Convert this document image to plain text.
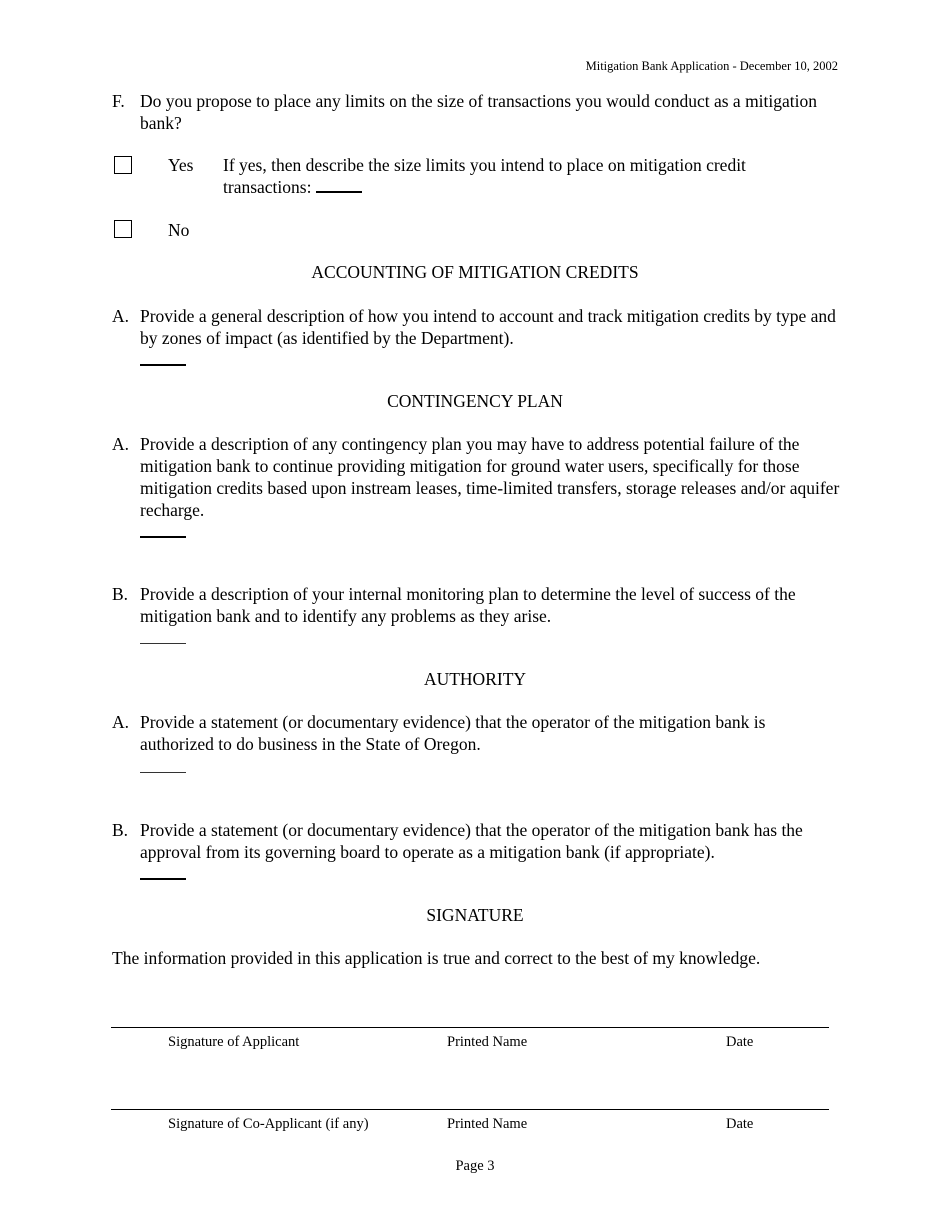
Mitigation Bank Application - December 10, 2002
F. Do you propose to place any limits on the size of transactions you would conduct as a mitigation bank?
Yes If yes, then describe the size limits you intend to place on mitigation credit transactions:
No
ACCOUNTING OF MITIGATION CREDITS
A. Provide a general description of how you intend to account and track mitigation credits by type and by zones of impact (as identified by the Department).
CONTINGENCY PLAN
A. Provide a description of any contingency plan you may have to address potential failure of the mitigation bank to continue providing mitigation for ground water users, specifically for those mitigation credits based upon instream leases, time-limited transfers, storage releases and/or aquifer recharge.
B. Provide a description of your internal monitoring plan to determine the level of success of the mitigation bank and to identify any problems as they arise.
AUTHORITY
A. Provide a statement (or documentary evidence) that the operator of the mitigation bank is authorized to do business in the State of Oregon.
B. Provide a statement (or documentary evidence) that the operator of the mitigation bank has the approval from its governing board to operate as a mitigation bank (if appropriate).
SIGNATURE
The information provided in this application is true and correct to the best of my knowledge.
Signature of Applicant	Printed Name	Date
Signature of Co-Applicant (if any)	Printed Name	Date
Page 3
